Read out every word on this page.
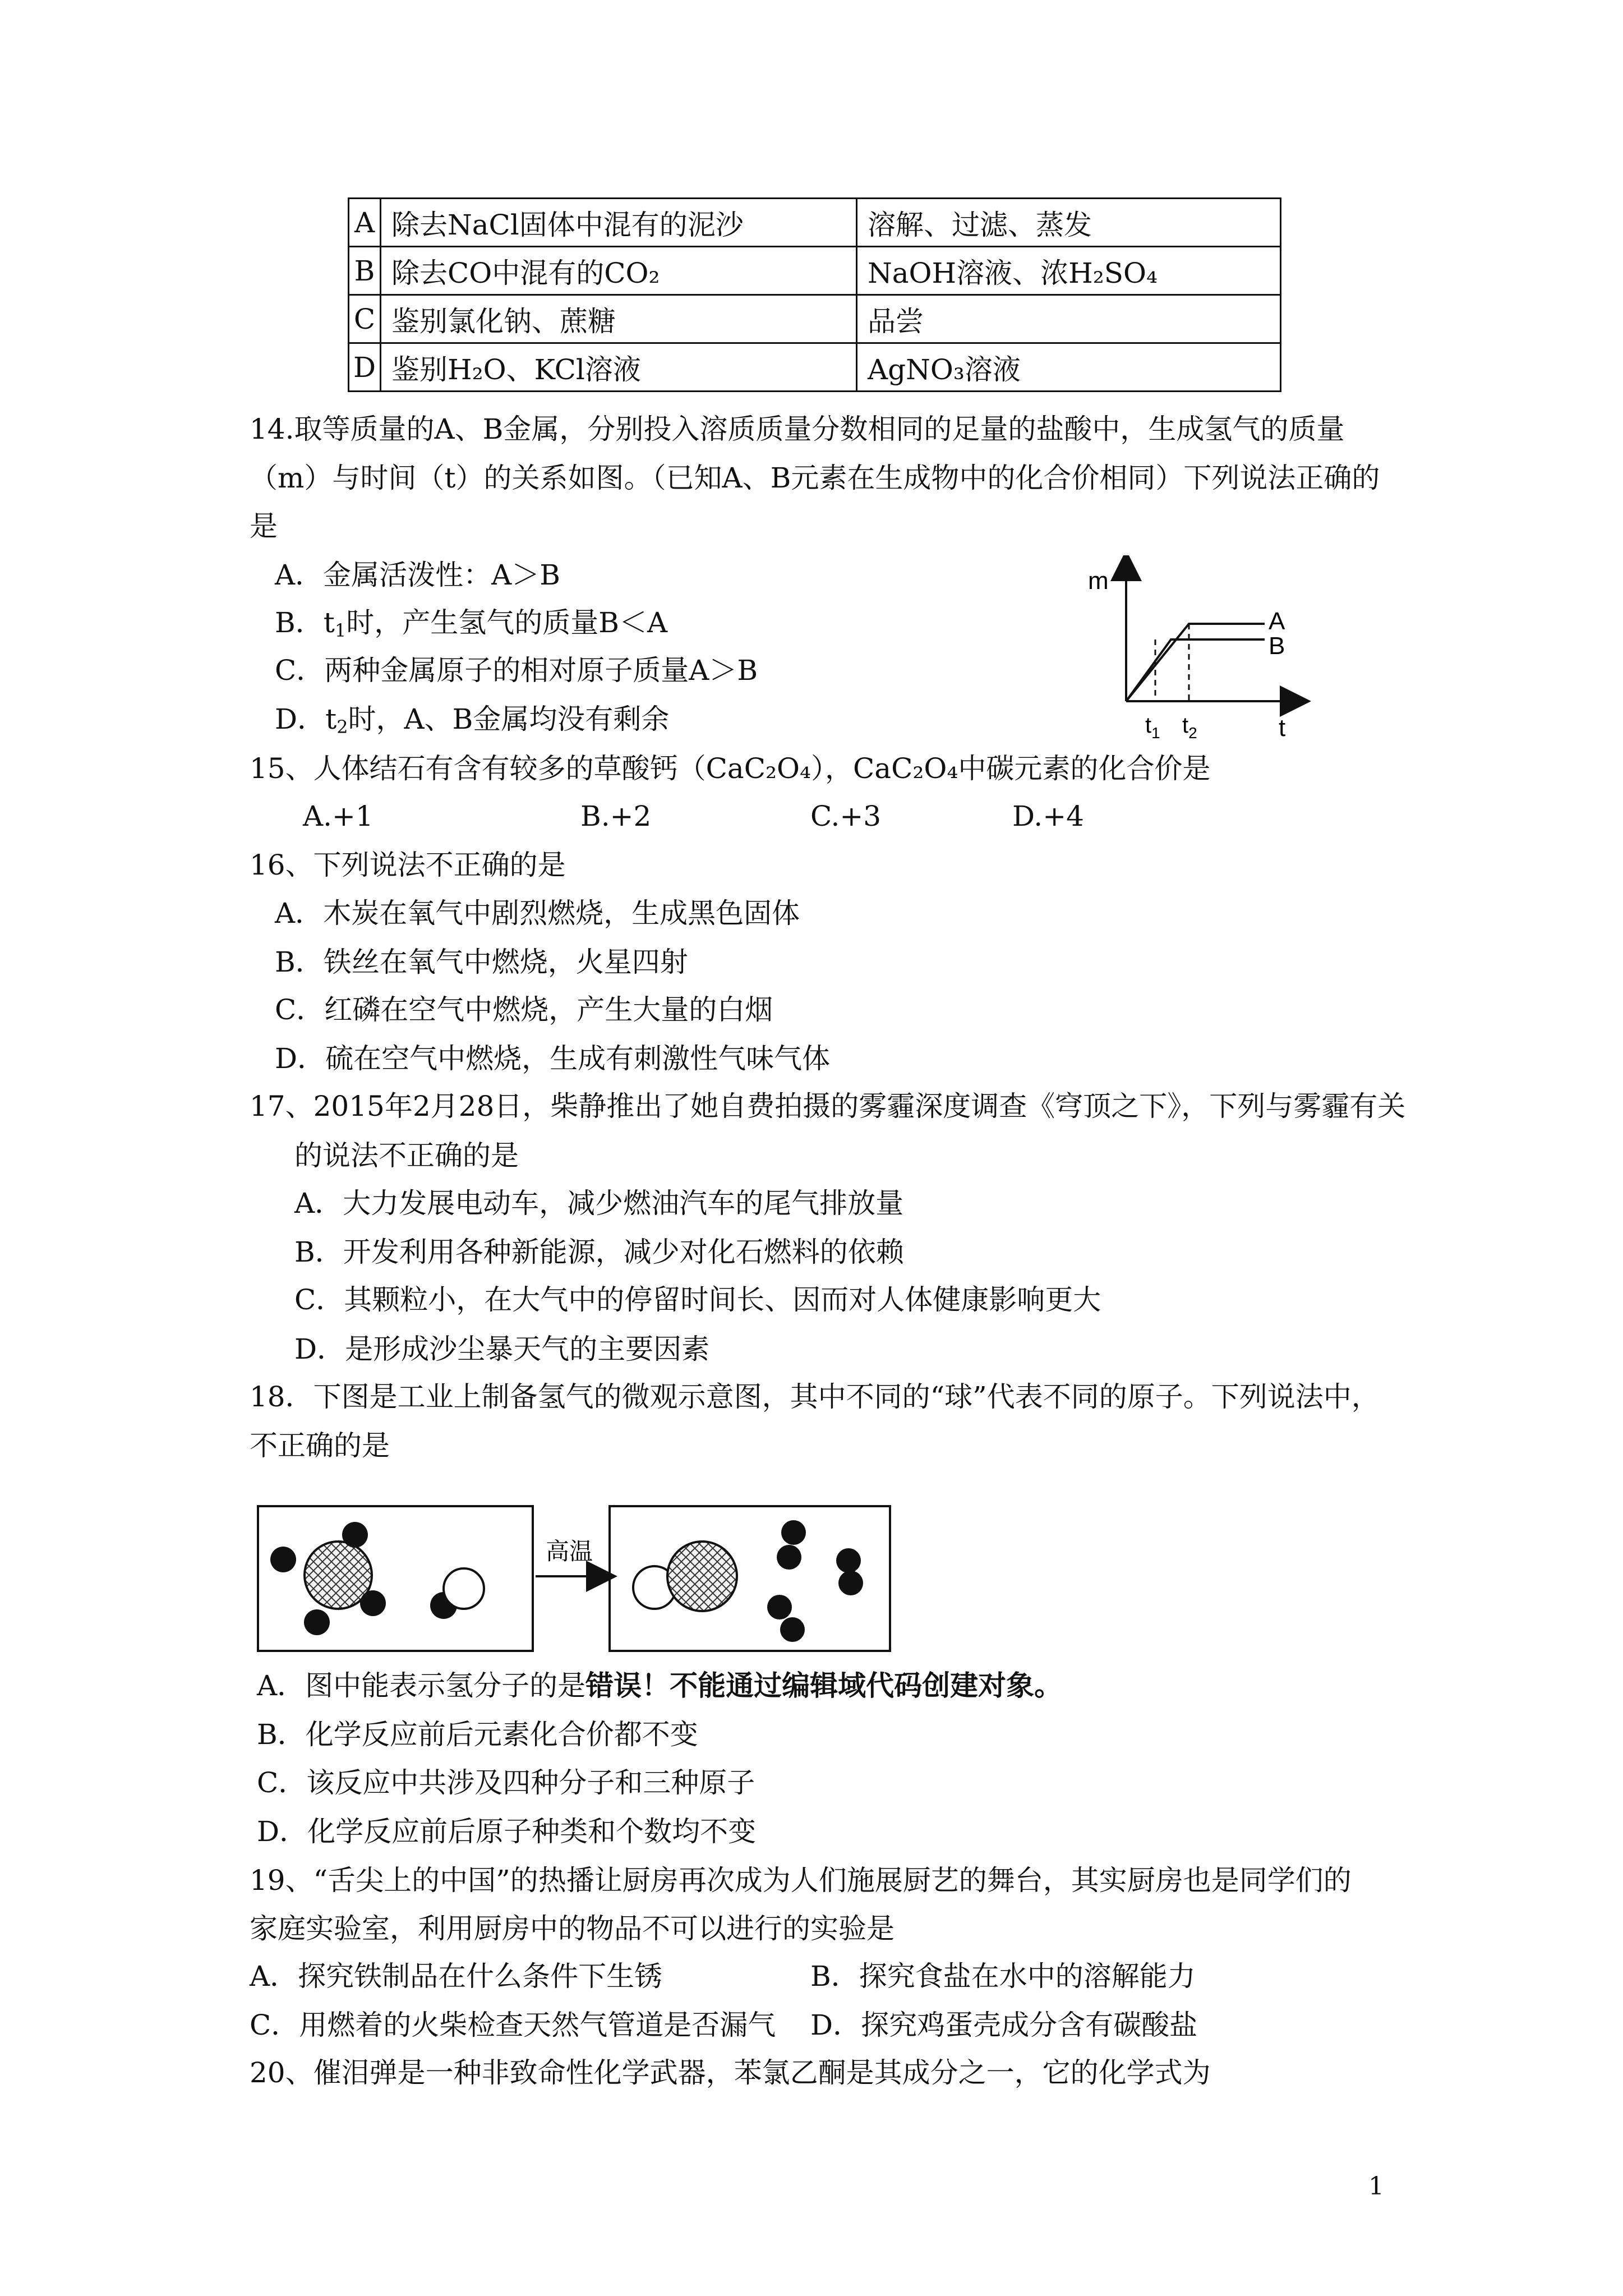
A	除去NaCl固体中混有的泥沙	溶解、过滤、蒸发
B	除去CO中混有的CO₂	NaOH溶液、浓H₂SO₄
C	鉴别氯化钠、蔗糖	品尝
D	鉴别H₂O、KCl溶液	AgNO₃溶液
14.取等质量的A、B金属，分别投入溶质质量分数相同的足量的盐酸中，生成氢气的质量
（m）与时间（t）的关系如图。（已知A、B元素在生成物中的化合价相同）下列说法正确的
是
A．金属活泼性：A＞B
B．$t_1$时，产生氢气的质量B＜A
C．两种金属原子的相对原子质量A＞B
D．$t_2$时，A、B金属均没有剩余
m
A
B
t
$t_1$ $t_2$
15、人体结石有含有较多的草酸钙（CaC₂O₄），CaC₂O₄中碳元素的化合价是
A.+1	B.+2	C.+3	D.+4
16、下列说法不正确的是
A．木炭在氧气中剧烈燃烧，生成黑色固体
B．铁丝在氧气中燃烧，火星四射
C．红磷在空气中燃烧，产生大量的白烟
D．硫在空气中燃烧，生成有刺激性气味气体
17、2015年2月28日，柴静推出了她自费拍摄的雾霾深度调查《穹顶之下》，下列与雾霾有关
的说法不正确的是
A．大力发展电动车，减少燃油汽车的尾气排放量
B．开发利用各种新能源，减少对化石燃料的依赖
C．其颗粒小，在大气中的停留时间长、因而对人体健康影响更大
D．是形成沙尘暴天气的主要因素
18．下图是工业上制备氢气的微观示意图，其中不同的“球”代表不同的原子。下列说法中，
不正确的是
高温
A．图中能表示氢分子的是错误！不能通过编辑域代码创建对象。
B．化学反应前后元素化合价都不变
C．该反应中共涉及四种分子和三种原子
D．化学反应前后原子种类和个数均不变
19、“舌尖上的中国”的热播让厨房再次成为人们施展厨艺的舞台，其实厨房也是同学们的
家庭实验室，利用厨房中的物品不可以进行的实验是
A．探究铁制品在什么条件下生锈	B．探究食盐在水中的溶解能力
C．用燃着的火柴检查天然气管道是否漏气 D．探究鸡蛋壳成分含有碳酸盐
20、催泪弹是一种非致命性化学武器，苯氯乙酮是其成分之一，它的化学式为
1
